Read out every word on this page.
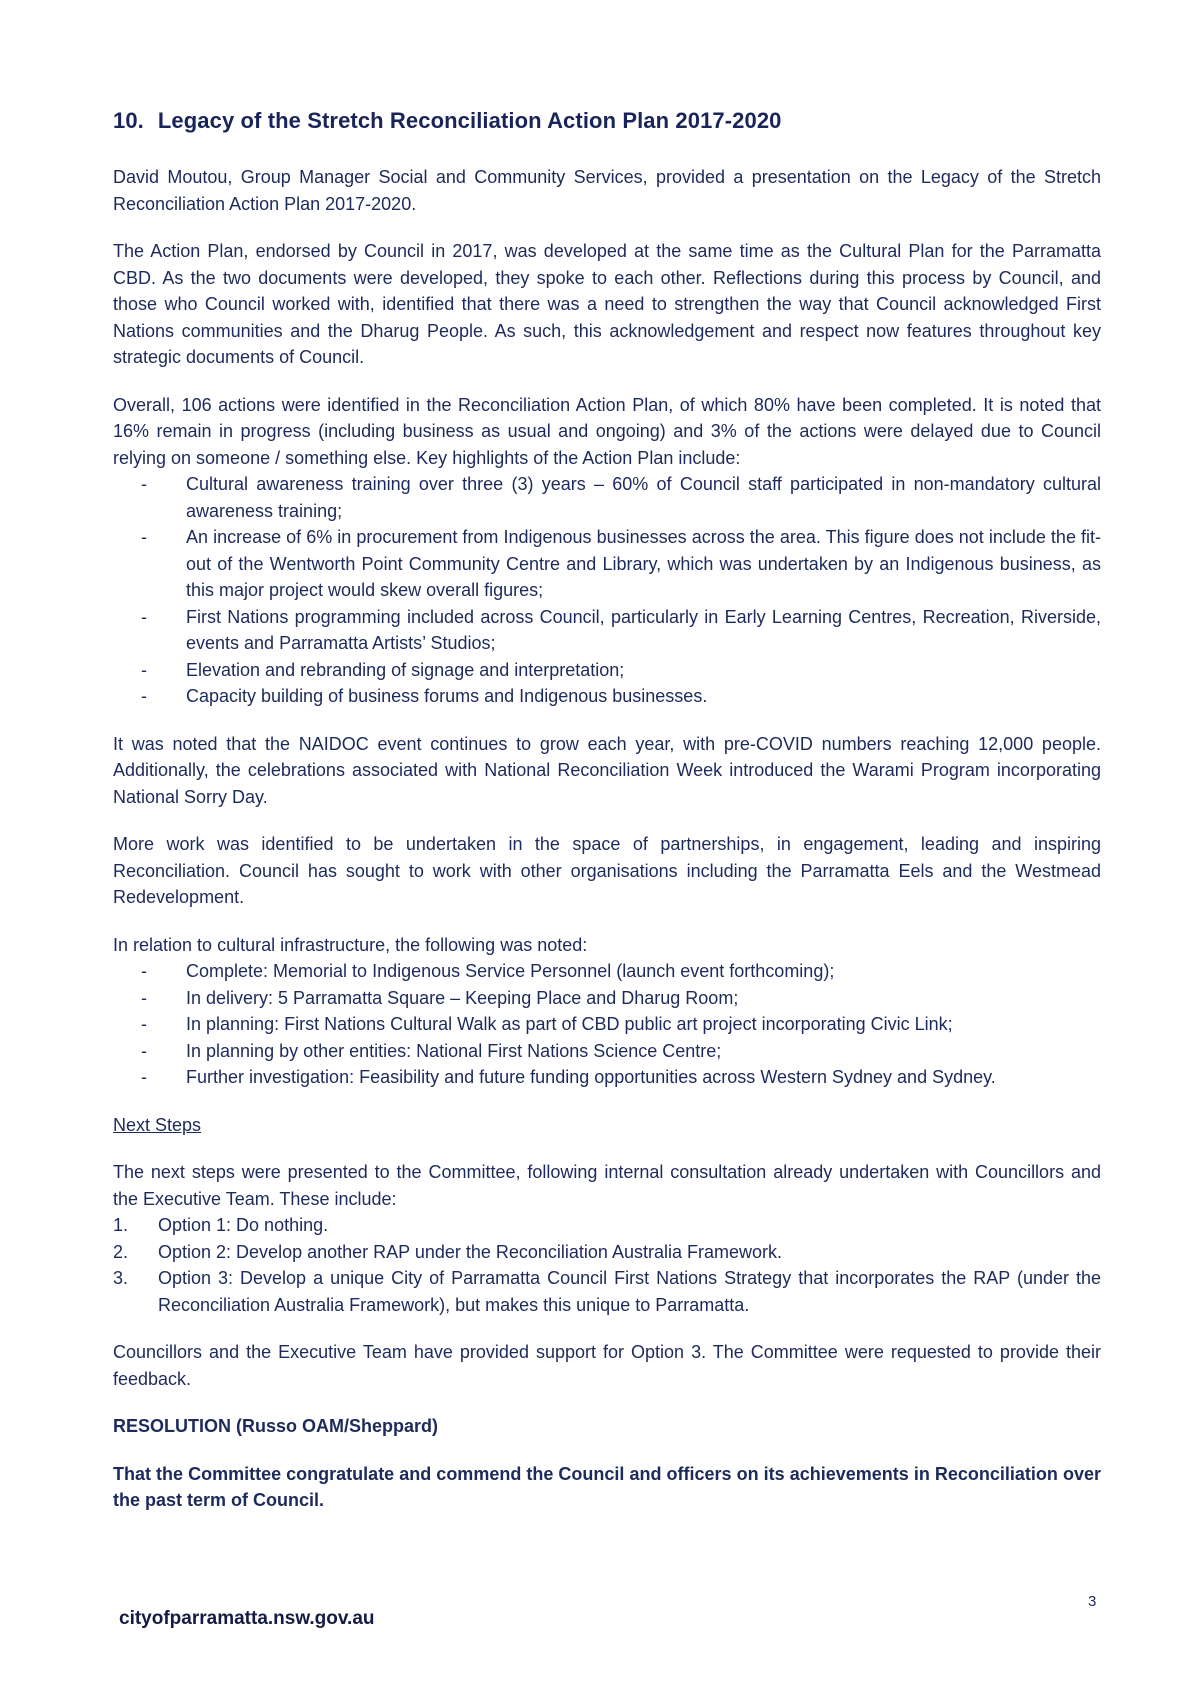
10. Legacy of the Stretch Reconciliation Action Plan 2017-2020

David Moutou, Group Manager Social and Community Services, provided a presentation on the Legacy of the Stretch Reconciliation Action Plan 2017-2020.

The Action Plan, endorsed by Council in 2017, was developed at the same time as the Cultural Plan for the Parramatta CBD. As the two documents were developed, they spoke to each other. Reflections during this process by Council, and those who Council worked with, identified that there was a need to strengthen the way that Council acknowledged First Nations communities and the Dharug People. As such, this acknowledgement and respect now features throughout key strategic documents of Council.

Overall, 106 actions were identified in the Reconciliation Action Plan, of which 80% have been completed. It is noted that 16% remain in progress (including business as usual and ongoing) and 3% of the actions were delayed due to Council relying on someone / something else. Key highlights of the Action Plan include:

- Cultural awareness training over three (3) years – 60% of Council staff participated in non-mandatory cultural awareness training;
- An increase of 6% in procurement from Indigenous businesses across the area. This figure does not include the fit-out of the Wentworth Point Community Centre and Library, which was undertaken by an Indigenous business, as this major project would skew overall figures;
- First Nations programming included across Council, particularly in Early Learning Centres, Recreation, Riverside, events and Parramatta Artists’ Studios;
- Elevation and rebranding of signage and interpretation;
- Capacity building of business forums and Indigenous businesses.

It was noted that the NAIDOC event continues to grow each year, with pre-COVID numbers reaching 12,000 people. Additionally, the celebrations associated with National Reconciliation Week introduced the Warami Program incorporating National Sorry Day.

More work was identified to be undertaken in the space of partnerships, in engagement, leading and inspiring Reconciliation. Council has sought to work with other organisations including the Parramatta Eels and the Westmead Redevelopment.

In relation to cultural infrastructure, the following was noted:

- Complete: Memorial to Indigenous Service Personnel (launch event forthcoming);
- In delivery: 5 Parramatta Square – Keeping Place and Dharug Room;
- In planning: First Nations Cultural Walk as part of CBD public art project incorporating Civic Link;
- In planning by other entities: National First Nations Science Centre;
- Further investigation: Feasibility and future funding opportunities across Western Sydney and Sydney.
Next Steps

The next steps were presented to the Committee, following internal consultation already undertaken with Councillors and the Executive Team. These include:

1. Option 1: Do nothing.
2. Option 2: Develop another RAP under the Reconciliation Australia Framework.
3. Option 3: Develop a unique City of Parramatta Council First Nations Strategy that incorporates the RAP (under the Reconciliation Australia Framework), but makes this unique to Parramatta.

Councillors and the Executive Team have provided support for Option 3. The Committee were requested to provide their feedback.

RESOLUTION (Russo OAM/Sheppard)

That the Committee congratulate and commend the Council and officers on its achievements in Reconciliation over the past term of Council.

3
cityofparramatta.nsw.gov.au
